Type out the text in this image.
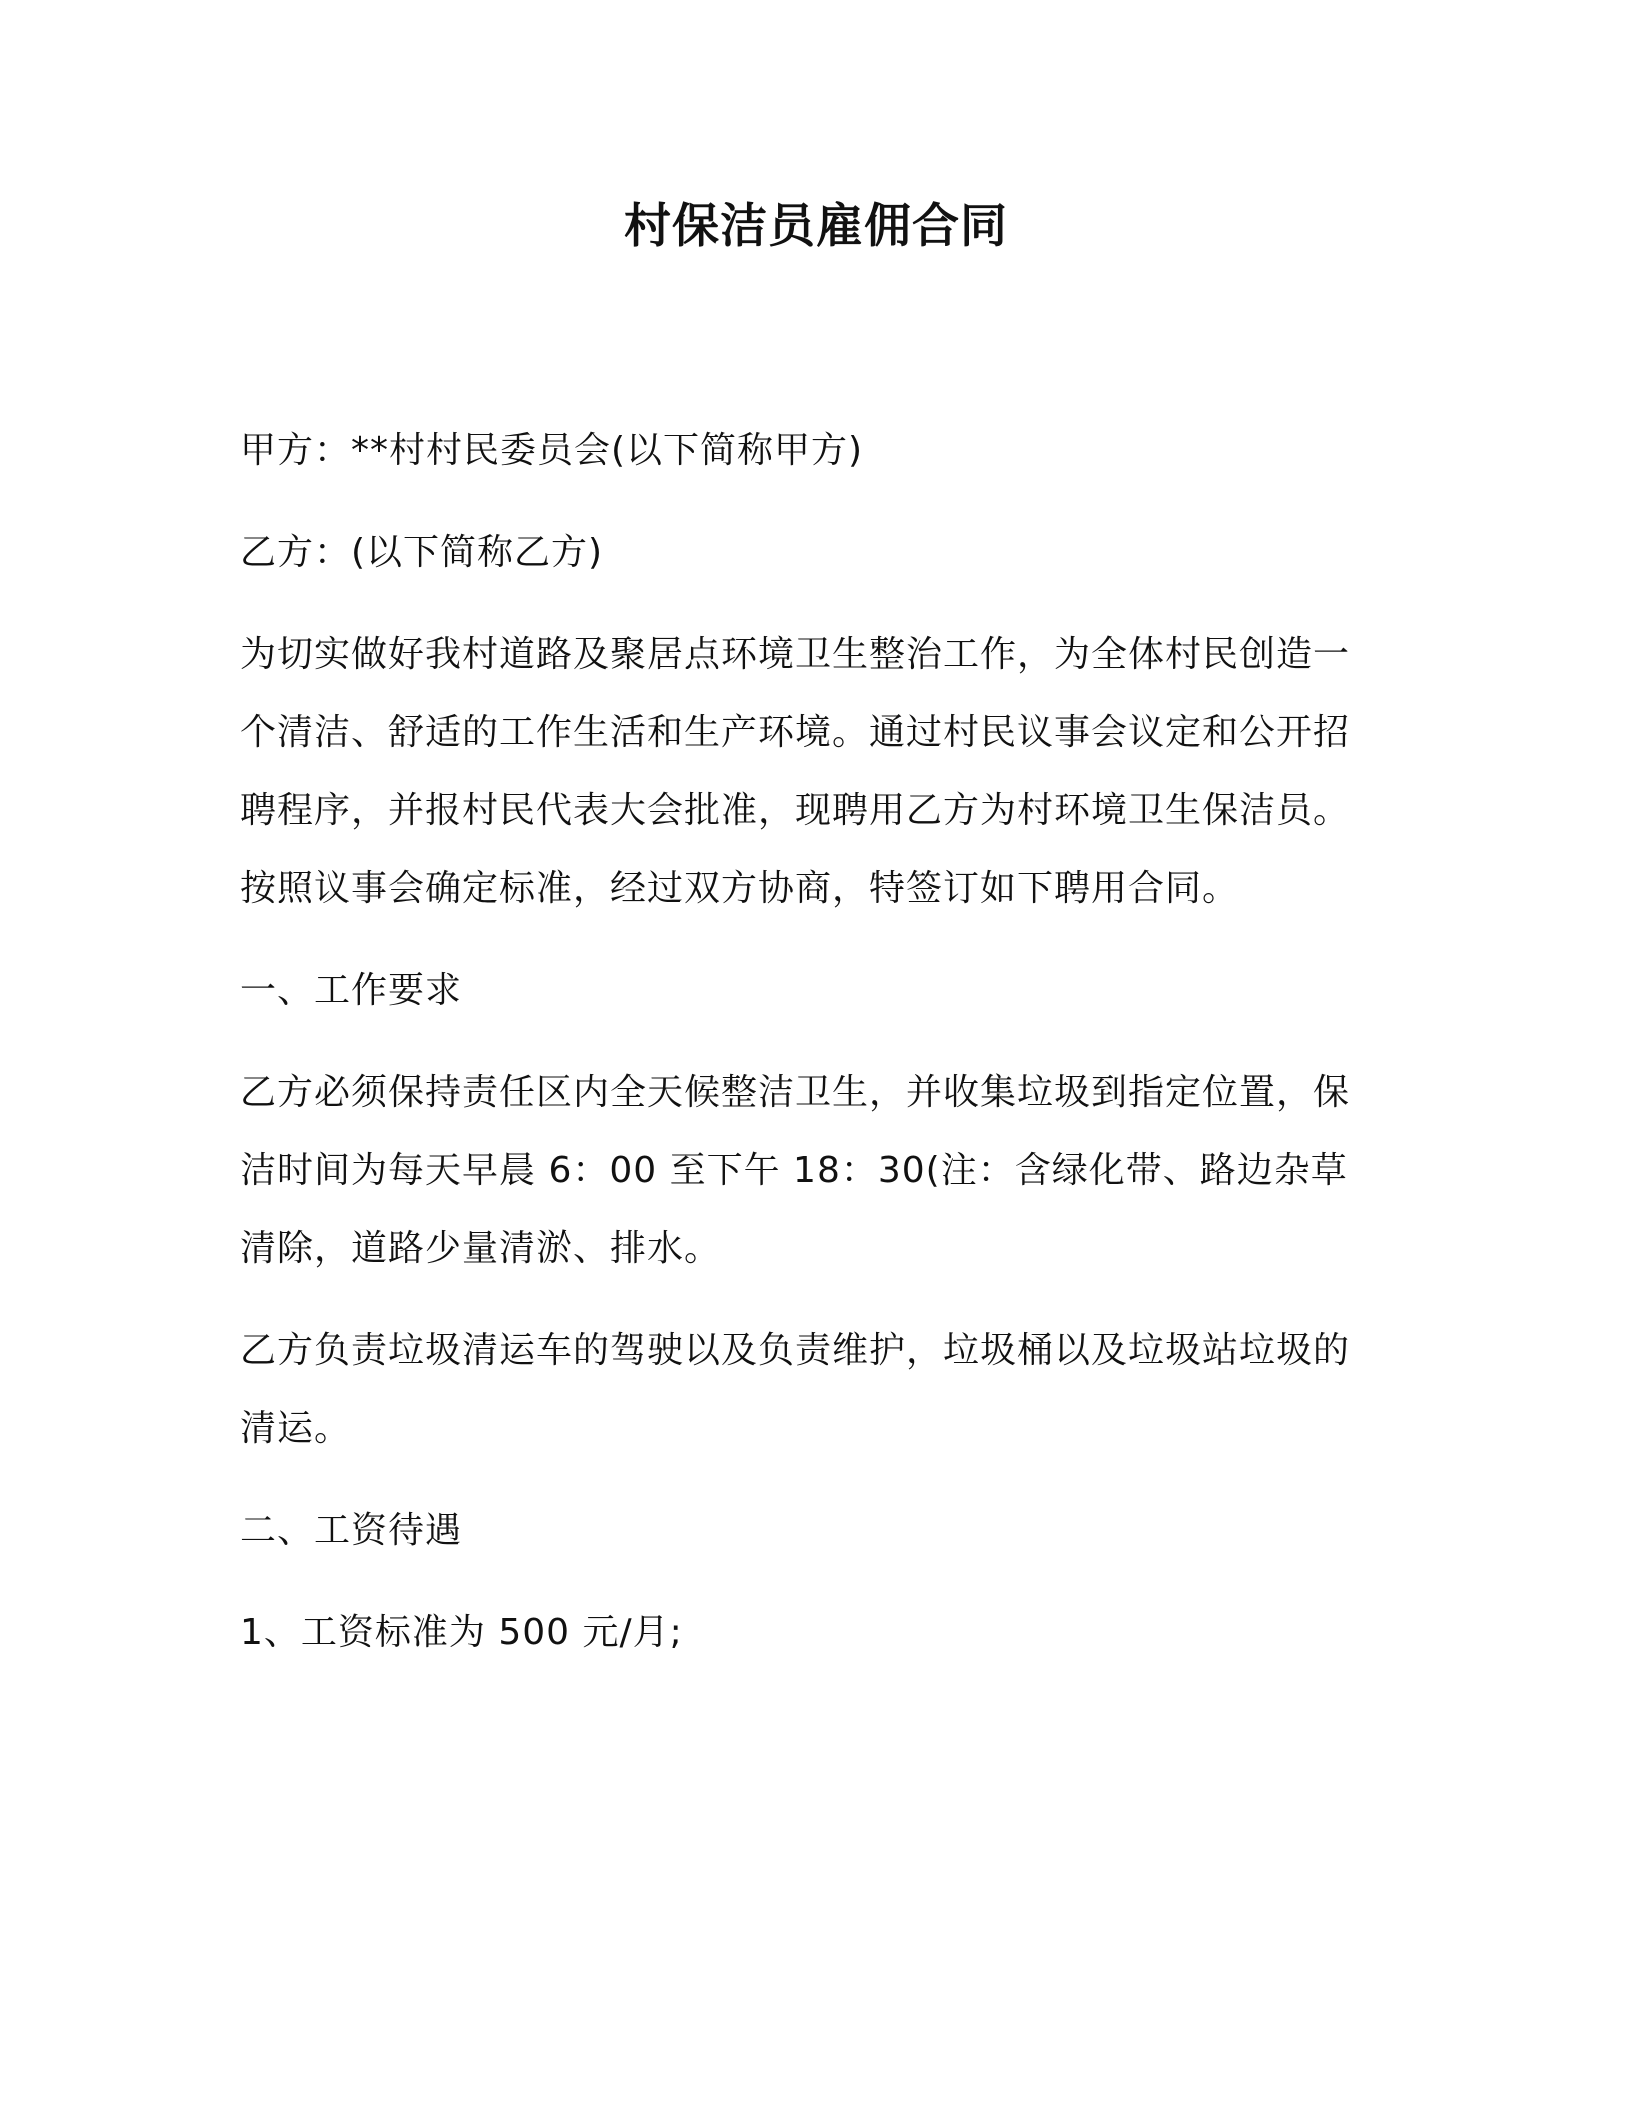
村保洁员雇佣合同

甲方：**村村民委员会(以下简称甲方)

乙方：(以下简称乙方)

为切实做好我村道路及聚居点环境卫生整治工作，为全体村民创造一个清洁、舒适的工作生活和生产环境。通过村民议事会议定和公开招聘程序，并报村民代表大会批准，现聘用乙方为村环境卫生保洁员。按照议事会确定标准，经过双方协商，特签订如下聘用合同。

一、工作要求

乙方必须保持责任区内全天候整洁卫生，并收集垃圾到指定位置，保洁时间为每天早晨 6：00 至下午 18：30(注：含绿化带、路边杂草清除，道路少量清淤、排水。

乙方负责垃圾清运车的驾驶以及负责维护，垃圾桶以及垃圾站垃圾的清运。

二、工资待遇

1、工资标准为 500 元/月;
